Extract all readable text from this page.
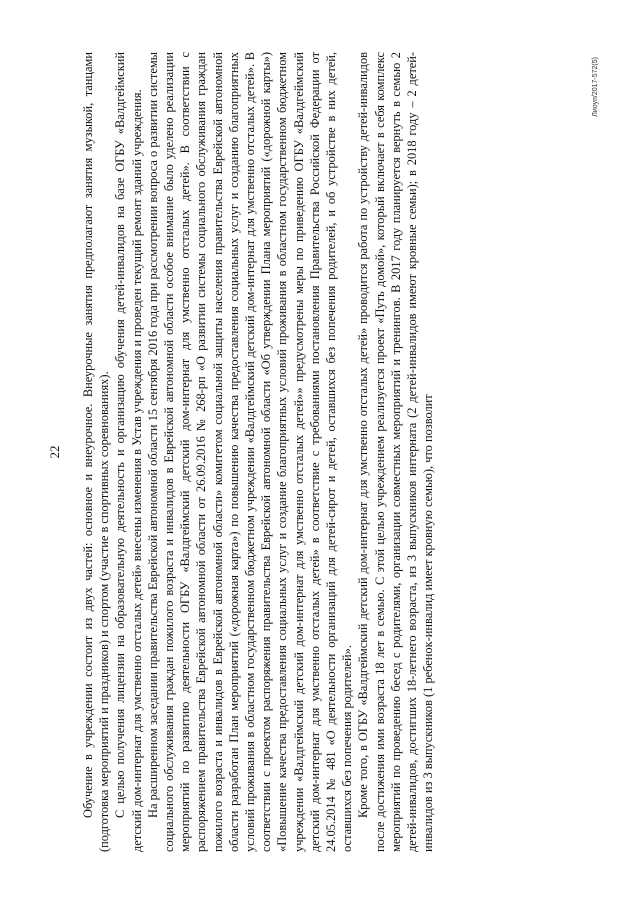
22 Обучение в учреждении состоит из двух частей: основное и внеурочное. Внеурочные занятия предполагают занятия музыкой, танцами (подготовка мероприятий и праздников) и спортом (участие в спортивных соревнованиях). С целью получения лицензии на образовательную деятельность и организацию обучения детей-инвалидов на базе ОГБУ «Валдгеймский детский дом-интернат для умственно отсталых детей» внесены изменения в Устав учреждения и проведен текущий ремонт зданий учреждения. На расширенном заседании правительства Еврейской автономной области 15 сентября 2016 года при рассмотрении вопроса о развитии системы социального обслуживания граждан пожилого возраста и инвалидов в Еврейской автономной области особое внимание было уделено реализации мероприятий по развитию деятельности ОГБУ «Валдгеймский детский дом-интернат для умственно отсталых детей». В соответствии с распоряжением правительства Еврейской автономной области от 26.09.2016 № 268-рп «О развитии системы социального обслуживания граждан пожилого возраста и инвалидов в Еврейской автономной области» комитетом социальной защиты населения правительства Еврейской автономной области разработан План мероприятий («дорожная карта») по повышению качества предоставления социальных услуг и созданию благоприятных условий проживания в областном государственном бюджетном учреждении «Валдгеймский детский дом-интернат для умственно отсталых детей». В соответствии с проектом распоряжения правительства Еврейской автономной области «Об утверждении Плана мероприятий («дорожной карты») «Повышение качества предоставления социальных услуг и создание благоприятных условий проживания в областном государственном бюджетном учреждении «Валдгеймский детский дом-интернат для умственно отсталых детей»» предусмотрены меры по приведению ОГБУ «Валдгеймский детский дом-интернат для умственно отсталых детей» в соответствие с требованиями постановления Правительства Российской Федерации от 24.05.2014 № 481 «О деятельности организаций для детей-сирот и детей, оставшихся без попечения родителей, и об устройстве в них детей, оставшихся без попечения родителей». Кроме того, в ОГБУ «Валдгеймский детский дом-интернат для умственно отсталых детей» проводится работа по устройству детей-инвалидов после достижения ими возраста 18 лет в семью. С этой целью учреждением реализуется проект «Путь домой», который включает в себя комплекс мероприятий по проведению бесед с родителями, организации совместных мероприятий и тренингов. В 2017 году планируется вернуть в семью 2 детей-инвалидов, достигших 18-летнего возраста, из 3 выпускников интерната (2 детей-инвалидов имеют кровные семьи); в 2018 году – 2 детей-инвалидов из 3 выпускников (1 ребенок-инвалид имеет кровную семью), что позволит

Лиоуп/2017-572(5)
